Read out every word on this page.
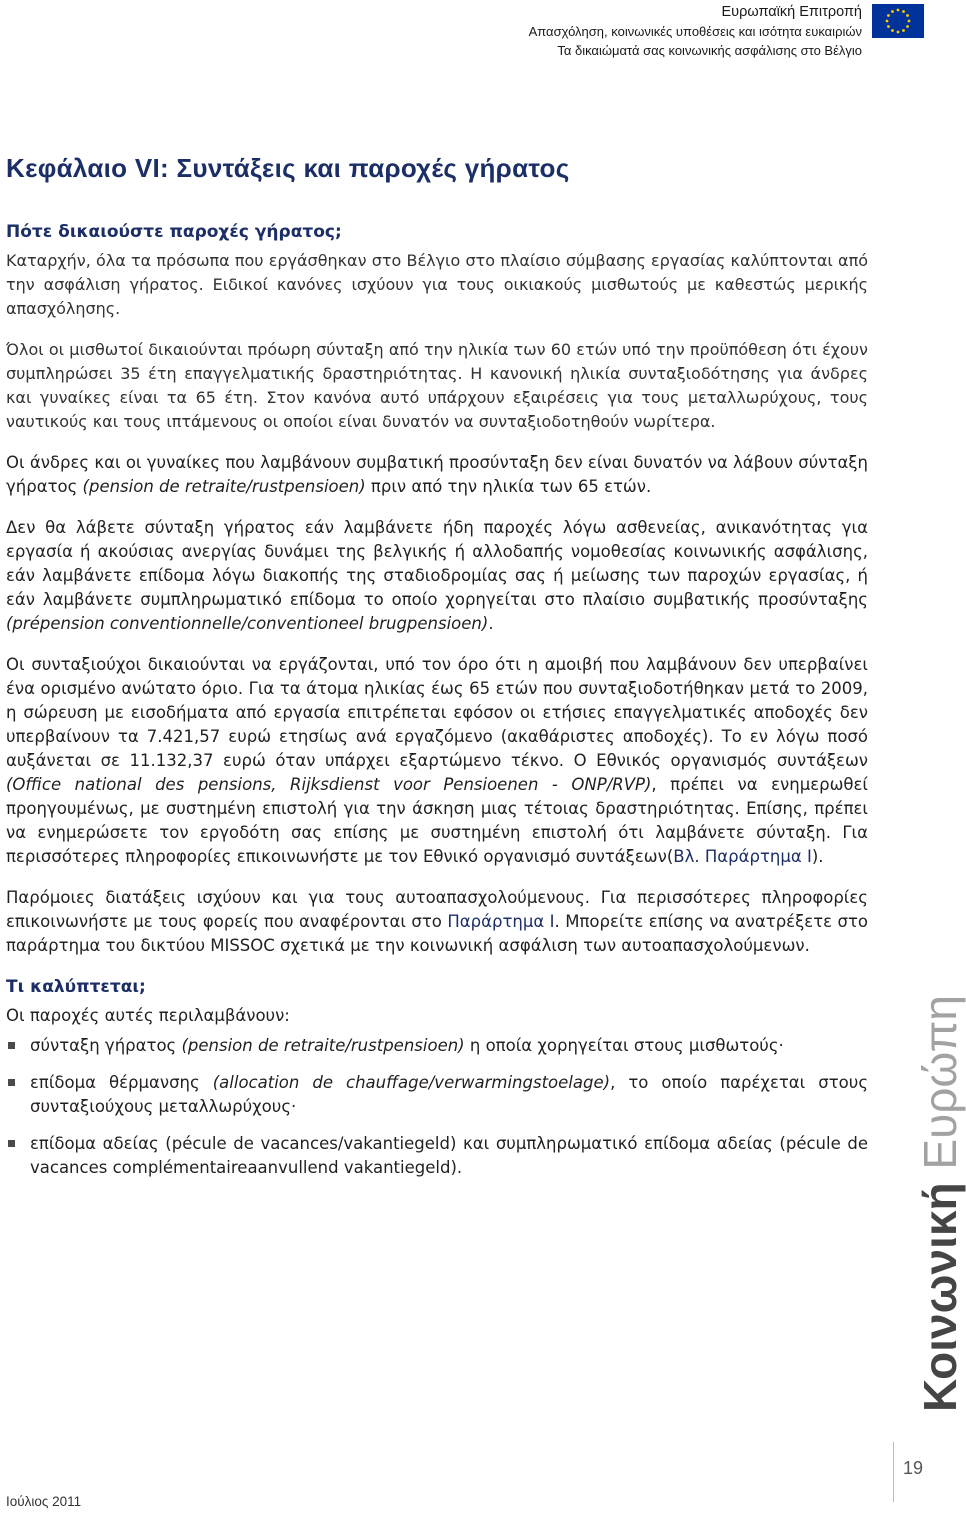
Ευρωπαϊκή Επιτροπή
Απασχόληση, κοινωνικές υποθέσεις και ισότητα ευκαιριών
Τα δικαιώματά σας κοινωνικής ασφάλισης στο Βέλγιο
Κεφάλαιο VI: Συντάξεις και παροχές γήρατος
Πότε δικαιούστε παροχές γήρατος;

Καταρχήν, όλα τα πρόσωπα που εργάσθηκαν στο Βέλγιο στο πλαίσιο σύμβασης εργασίας καλύπτονται από την ασφάλιση γήρατος. Ειδικοί κανόνες ισχύουν για τους οικιακούς μισθωτούς με καθεστώς μερικής απασχόλησης.

Όλοι οι μισθωτοί δικαιούνται πρόωρη σύνταξη από την ηλικία των 60 ετών υπό την προϋπόθεση ότι έχουν συμπληρώσει 35 έτη επαγγελματικής δραστηριότητας. Η κανονική ηλικία συνταξιοδότησης για άνδρες και γυναίκες είναι τα 65 έτη. Στον κανόνα αυτό υπάρχουν εξαιρέσεις για τους μεταλλωρύχους, τους ναυτικούς και τους ιπτάμενους οι οποίοι είναι δυνατόν να συνταξιοδοτηθούν νωρίτερα.

Οι άνδρες και οι γυναίκες που λαμβάνουν συμβατική προσύνταξη δεν είναι δυνατόν να λάβουν σύνταξη γήρατος (pension de retraite/rustpensioen) πριν από την ηλικία των 65 ετών.

Δεν θα λάβετε σύνταξη γήρατος εάν λαμβάνετε ήδη παροχές λόγω ασθενείας, ανικανότητας για εργασία ή ακούσιας ανεργίας δυνάμει της βελγικής ή αλλοδαπής νομοθεσίας κοινωνικής ασφάλισης, εάν λαμβάνετε επίδομα λόγω διακοπής της σταδιοδρομίας σας ή μείωσης των παροχών εργασίας, ή εάν λαμβάνετε συμπληρωματικό επίδομα το οποίο χορηγείται στο πλαίσιο συμβατικής προσύνταξης (prépension conventionnelle/conventioneel brugpensioen).

Οι συνταξιούχοι δικαιούνται να εργάζονται, υπό τον όρο ότι η αμοιβή που λαμβάνουν δεν υπερβαίνει ένα ορισμένο ανώτατο όριο. Για τα άτομα ηλικίας έως 65 ετών που συνταξιοδοτήθηκαν μετά το 2009, η σώρευση με εισοδήματα από εργασία επιτρέπεται εφόσον οι ετήσιες επαγγελματικές αποδοχές δεν υπερβαίνουν τα 7.421,57 ευρώ ετησίως ανά εργαζόμενο (ακαθάριστες αποδοχές). Το εν λόγω ποσό αυξάνεται σε 11.132,37 ευρώ όταν υπάρχει εξαρτώμενο τέκνο. Ο Εθνικός οργανισμός συντάξεων (Office national des pensions, Rijksdienst voor Pensioenen - ONP/RVP), πρέπει να ενημερωθεί προηγουμένως, με συστημένη επιστολή για την άσκηση μιας τέτοιας δραστηριότητας. Επίσης, πρέπει να ενημερώσετε τον εργοδότη σας επίσης με συστημένη επιστολή ότι λαμβάνετε σύνταξη. Για περισσότερες πληροφορίες επικοινωνήστε με τον Εθνικό οργανισμό συντάξεων(Βλ. Παράρτημα I).

Παρόμοιες διατάξεις ισχύουν και για τους αυτοαπασχολούμενους. Για περισσότερες πληροφορίες επικοινωνήστε με τους φορείς που αναφέρονται στο Παράρτημα I. Μπορείτε επίσης να ανατρέξετε στο παράρτημα του δικτύου MISSOC σχετικά με την κοινωνική ασφάλιση των αυτοαπασχολούμενων.

Τι καλύπτεται;

Οι παροχές αυτές περιλαμβάνουν:

σύνταξη γήρατος (pension de retraite/rustpensioen) η οποία χορηγείται στους μισθωτούς·
επίδομα θέρμανσης (allocation de chauffage/verwarmingstoelage), το οποίο παρέχεται στους συνταξιούχους μεταλλωρύχους·
επίδομα αδείας (pécule de vacances/vakantiegeld) και συμπληρωματικό επίδομα αδείας (pécule de vacances complémentaireaanvullend vakantiegeld).
Κοινωνική Ευρώπη
19
Ιούλιος 2011
